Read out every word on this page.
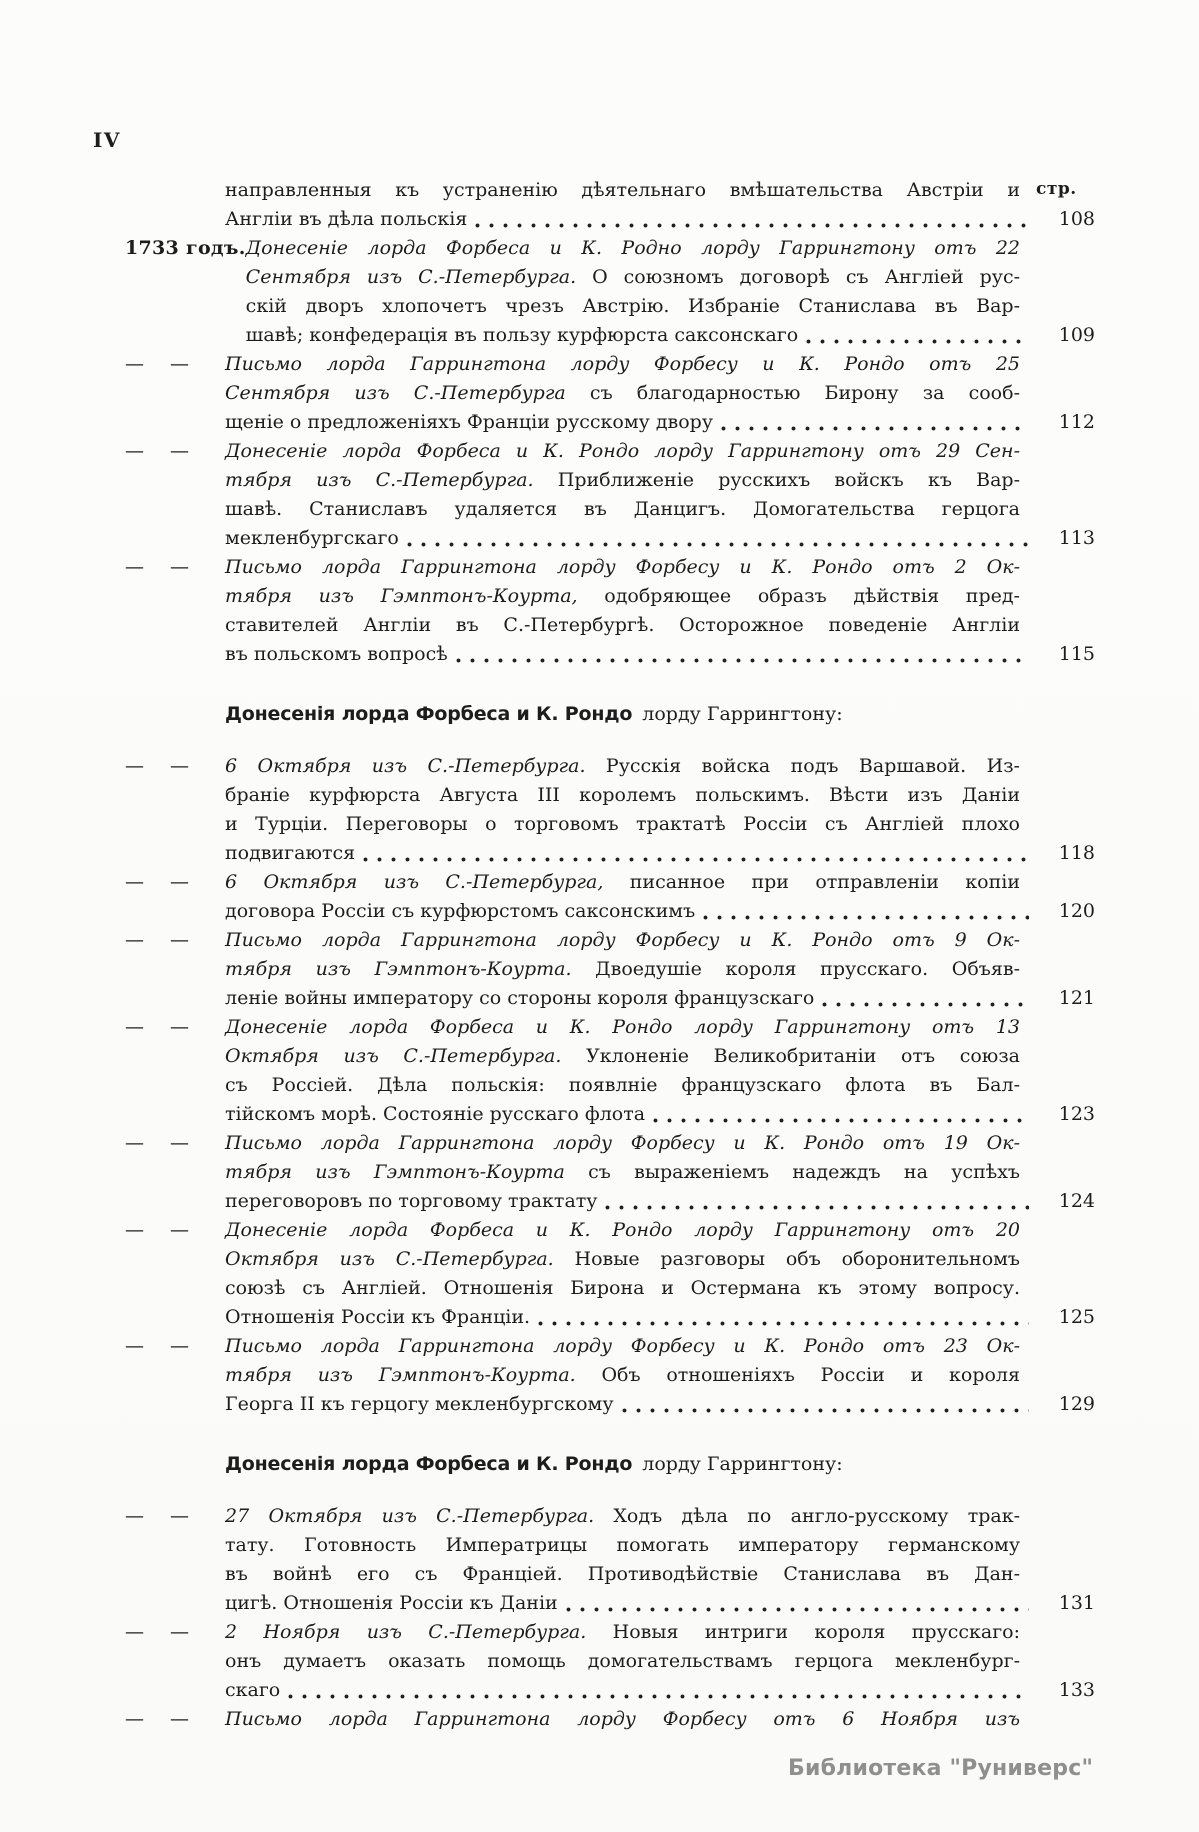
IV
стр.
направленныя къ устраненію дѣятельнаго вмѣшательства Австріи и
Англіи въ дѣла польскія	108
1733 годъ. Донесеніе лорда Форбеса и К. Родно лорду Гаррингтону отъ 22
Сентября изъ С.-Петербурга. О союзномъ договорѣ съ Англіей рус-
скій дворъ хлопочетъ чрезъ Австрію. Избраніе Станислава въ Вар-
шавѣ; конфедерація въ пользу курфюрста саксонскаго	109
— — Письмо лорда Гаррингтона лорду Форбесу и К. Рондо отъ 25
Сентября изъ С.-Петербурга съ благодарностью Бирону за сооб-
щеніе о предложеніяхъ Франціи русскому двору	112
— — Донесеніе лорда Форбеса и К. Рондо лорду Гаррингтону отъ 29 Сен-
тября изъ С.-Петербурга. Приближеніе русскихъ войскъ къ Вар-
шавѣ. Станиславъ удаляется въ Данцигъ. Домогательства герцога
мекленбургскаго	113
— — Письмо лорда Гаррингтона лорду Форбесу и К. Рондо отъ 2 Ок-
тября изъ Гэмптонъ-Коурта, одобряющее образъ дѣйствія пред-
ставителей Англіи въ С.-Петербургѣ. Осторожное поведеніе Англіи
въ польскомъ вопросѣ	115
Донесенія лорда Форбеса и К. Рондо лорду Гаррингтону:
— — 6 Октября изъ С.-Петербурга. Русскія войска подъ Варшавой. Из-
браніе курфюрста Августа III королемъ польскимъ. Вѣсти изъ Даніи
и Турціи. Переговоры о торговомъ трактатѣ Россіи съ Англіей плохо
подвигаются	118
— — 6 Октября изъ С.-Петербурга, писанное при отправленіи копіи
договора Россіи съ курфюрстомъ саксонскимъ	120
— — Письмо лорда Гаррингтона лорду Форбесу и К. Рондо отъ 9 Ок-
тября изъ Гэмптонъ-Коурта. Двоедушіе короля прусскаго. Объяв-
леніе войны императору со стороны короля французскаго	121
— — Донесеніе лорда Форбеса и К. Рондо лорду Гаррингтону отъ 13
Октября изъ С.-Петербурга. Уклоненіе Великобританіи отъ союза
съ Россіей. Дѣла польскія: появлніе французскаго флота въ Бал-
тійскомъ морѣ. Состояніе русскаго флота	123
— — Письмо лорда Гаррингтона лорду Форбесу и К. Рондо отъ 19 Ок-
тября изъ Гэмптонъ-Коурта съ выраженіемъ надеждъ на успѣхъ
переговоровъ по торговому трактату	124
— — Донесеніе лорда Форбеса и К. Рондо лорду Гаррингтону отъ 20
Октября изъ С.-Петербурга. Новые разговоры объ оборонительномъ
союзѣ съ Англіей. Отношенія Бирона и Остермана къ этому вопросу.
Отношенія Россіи къ Франціи.	125
— — Письмо лорда Гаррингтона лорду Форбесу и К. Рондо отъ 23 Ок-
тября изъ Гэмптонъ-Коурта. Объ отношеніяхъ Россіи и короля
Георга II къ герцогу мекленбургскому	129
Донесенія лорда Форбеса и К. Рондо лорду Гаррингтону:
— — 27 Октября изъ С.-Петербурга. Ходъ дѣла по англо-русскому трак-
тату. Готовность Императрицы помогать императору германскому
въ войнѣ его съ Франціей. Противодѣйствіе Станислава въ Дан-
цигѣ. Отношенія Россіи къ Даніи	131
— — 2 Ноября изъ С.-Петербурга. Новыя интриги короля прусскаго:
онъ думаетъ оказать помощь домогательствамъ герцога мекленбург-
скаго	133
— — Письмо лорда Гаррингтона лорду Форбесу отъ 6 Ноября изъ
Библиотека "Руниверс"
